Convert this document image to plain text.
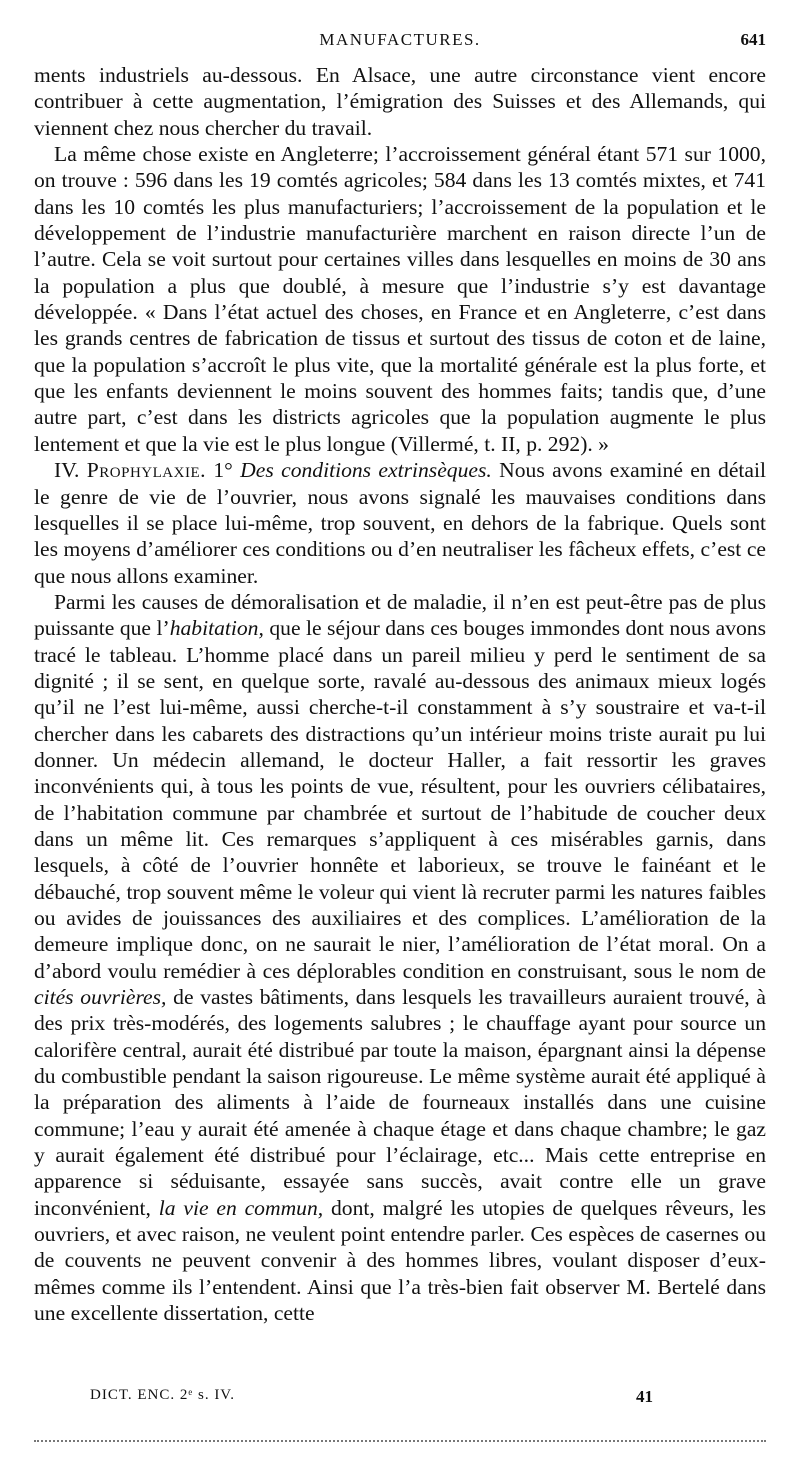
MANUFACTURES.	641

ments industriels au-dessous. En Alsace, une autre circonstance vient encore contribuer à cette augmentation, l’émigration des Suisses et des Allemands, qui viennent chez nous chercher du travail.

La même chose existe en Angleterre; l’accroissement général étant 571 sur 1000, on trouve : 596 dans les 19 comtés agricoles; 584 dans les 13 comtés mixtes, et 741 dans les 10 comtés les plus manufacturiers; l’accroissement de la population et le développement de l’industrie manufacturière marchent en raison directe l’un de l’autre. Cela se voit surtout pour certaines villes dans lesquelles en moins de 30 ans la population a plus que doublé, à mesure que l’industrie s’y est davantage développée. « Dans l’état actuel des choses, en France et en Angleterre, c’est dans les grands centres de fabrication de tissus et surtout des tissus de coton et de laine, que la population s’accroît le plus vite, que la mortalité générale est la plus forte, et que les enfants deviennent le moins souvent des hommes faits; tandis que, d’une autre part, c’est dans les districts agricoles que la population augmente le plus lentement et que la vie est le plus longue (Villermé, t. II, p. 292). »

IV. Prophylaxie. 1° Des conditions extrinsèques. Nous avons examiné en détail le genre de vie de l’ouvrier, nous avons signalé les mauvaises conditions dans lesquelles il se place lui-même, trop souvent, en dehors de la fabrique. Quels sont les moyens d’améliorer ces conditions ou d’en neutraliser les fâcheux effets, c’est ce que nous allons examiner.

Parmi les causes de démoralisation et de maladie, il n’en est peut-être pas de plus puissante que l’habitation, que le séjour dans ces bouges immondes dont nous avons tracé le tableau. L’homme placé dans un pareil milieu y perd le sentiment de sa dignité ; il se sent, en quelque sorte, ravalé au-dessous des animaux mieux logés qu’il ne l’est lui-même, aussi cherche-t-il constamment à s’y soustraire et va-t-il chercher dans les cabarets des distractions qu’un intérieur moins triste aurait pu lui donner. Un médecin allemand, le docteur Haller, a fait ressortir les graves inconvénients qui, à tous les points de vue, résultent, pour les ouvriers célibataires, de l’habitation commune par chambrée et surtout de l’habitude de coucher deux dans un même lit. Ces remarques s’appliquent à ces misérables garnis, dans lesquels, à côté de l’ouvrier honnête et laborieux, se trouve le fainéant et le débauché, trop souvent même le voleur qui vient là recruter parmi les natures faibles ou avides de jouissances des auxiliaires et des complices. L’amélioration de la demeure implique donc, on ne saurait le nier, l’amélioration de l’état moral. On a d’abord voulu remédier à ces déplorables condition en construisant, sous le nom de cités ouvrières, de vastes bâtiments, dans lesquels les travailleurs auraient trouvé, à des prix très-modérés, des logements salubres ; le chauffage ayant pour source un calorifère central, aurait été distribué par toute la maison, épargnant ainsi la dépense du combustible pendant la saison rigoureuse. Le même système aurait été appliqué à la préparation des aliments à l’aide de fourneaux installés dans une cuisine commune; l’eau y aurait été amenée à chaque étage et dans chaque chambre; le gaz y aurait également été distribué pour l’éclairage, etc... Mais cette entreprise en apparence si séduisante, essayée sans succès, avait contre elle un grave inconvénient, la vie en commun, dont, malgré les utopies de quelques rêveurs, les ouvriers, et avec raison, ne veulent point entendre parler. Ces espèces de casernes ou de couvents ne peuvent convenir à des hommes libres, voulant disposer d’eux-mêmes comme ils l’entendent. Ainsi que l’a très-bien fait observer M. Bertelé dans une excellente dissertation, cette

DICT. ENC. 2ᵉ s. IV.	41
